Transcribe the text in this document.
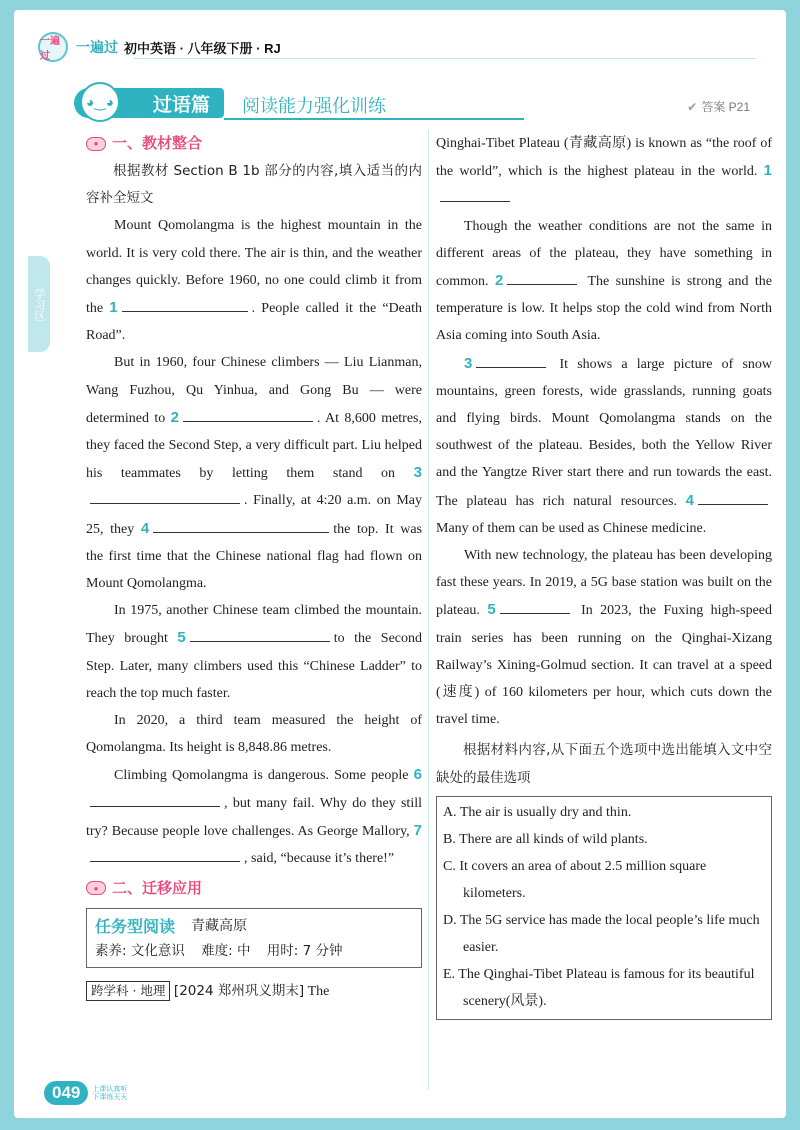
一遍过
一遍过 初中英语 · 八年级下册 · RJ
过语篇
◕‿◕	阅读能力强化训练	✔ 答案 P21
学习区
● 一、教材整合

根据教材 Section B 1b 部分的内容,填入适当的内容补全短文

Mount Qomolangma is the highest mountain in the world. It is very cold there. The air is thin, and the weather changes quickly. Before 1960, no one could climb it from the 1	. People called it the “Death Road”.

But in 1960, four Chinese climbers — Liu Lianman, Wang Fuzhou, Qu Yinhua, and Gong Bu — were determined to 2	. At 8,600 metres, they faced the Second Step, a very difficult part. Liu helped his teammates by letting them stand on 3. Finally, at 4:20 a.m. on May 25, they 4	the top. It was the first time that the Chinese national flag had flown on Mount Qomolangma.

In 1975, another Chinese team climbed the mountain. They brought 5	to the Second Step. Later, many climbers used this “Chinese Ladder” to reach the top much faster.

In 2020, a third team measured the height of Qomolangma. Its height is 8,848.86 metres.

Climbing Qomolangma is dangerous. Some people 6, but many fail. Why do they still try? Because people love challenges. As George Mallory, 7, said, “because it’s there!”

● 二、迁移应用
任务型阅读 青藏高原
素养: 文化意识 难度: 中 用时: 7 分钟
跨学科 · 地理 [2024 郑州巩义期末] The

Qinghai-Tibet Plateau (青藏高原) is known as “the roof of the world”, which is the highest plateau in the world. 1

Though the weather conditions are not the same in different areas of the plateau, they have something in common. 2	The sunshine is strong and the temperature is low. It helps stop the cold wind from North Asia coming into South Asia.

3	It shows a large picture of snow mountains, green forests, wide grasslands, running goats and flying birds. Mount Qomolangma stands on the southwest of the plateau. Besides, both the Yellow River and the Yangtze River start there and run towards the east. The plateau has rich natural resources. 4 Many of them can be used as Chinese medicine.

With new technology, the plateau has been developing fast these years. In 2019, a 5G base station was built on the plateau. 5	In 2023, the Fuxing high-speed train series has been running on the Qinghai-Xizang Railway’s Xining-Golmud section. It can travel at a speed (速度) of 160 kilometers per hour, which cuts down the travel time.

根据材料内容,从下面五个选项中选出能填入文中空缺处的最佳选项

A. The air is usually dry and thin.
B. There are all kinds of wild plants.
C. It covers an area of about 2.5 million square kilometers.
D. The 5G service has made the local people’s life much easier.
E. The Qinghai-Tibet Plateau is famous for its beautiful scenery(风景).
049	上课认真听 下课练天天
